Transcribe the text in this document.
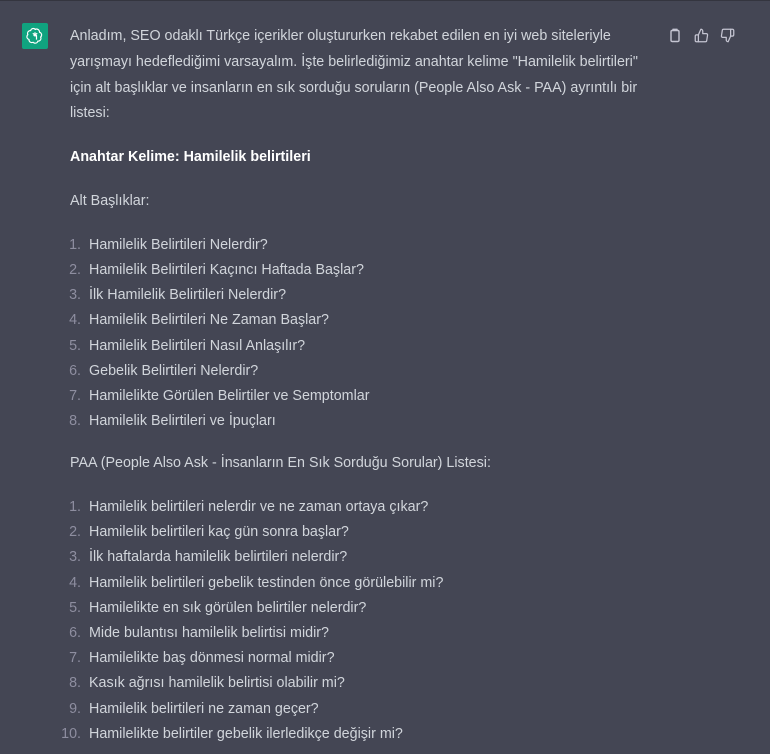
Anladım, SEO odaklı Türkçe içerikler oluştururken rekabet edilen en iyi web siteleriyle
yarışmayı hedeflediğimi varsayalım. İşte belirlediğimiz anahtar kelime "Hamilelik belirtileri"
için alt başlıklar ve insanların en sık sorduğu soruların (People Also Ask - PAA) ayrıntılı bir
listesi:
Anahtar Kelime: Hamilelik belirtileri
Alt Başlıklar:
1. Hamilelik Belirtileri Nelerdir?
2. Hamilelik Belirtileri Kaçıncı Haftada Başlar?
3. İlk Hamilelik Belirtileri Nelerdir?
4. Hamilelik Belirtileri Ne Zaman Başlar?
5. Hamilelik Belirtileri Nasıl Anlaşılır?
6. Gebelik Belirtileri Nelerdir?
7. Hamilelikte Görülen Belirtiler ve Semptomlar
8. Hamilelik Belirtileri ve İpuçları
PAA (People Also Ask - İnsanların En Sık Sorduğu Sorular) Listesi:
1. Hamilelik belirtileri nelerdir ve ne zaman ortaya çıkar?
2. Hamilelik belirtileri kaç gün sonra başlar?
3. İlk haftalarda hamilelik belirtileri nelerdir?
4. Hamilelik belirtileri gebelik testinden önce görülebilir mi?
5. Hamilelikte en sık görülen belirtiler nelerdir?
6. Mide bulantısı hamilelik belirtisi midir?
7. Hamilelikte baş dönmesi normal midir?
8. Kasık ağrısı hamilelik belirtisi olabilir mi?
9. Hamilelik belirtileri ne zaman geçer?
10. Hamilelikte belirtiler gebelik ilerledikçe değişir mi?
